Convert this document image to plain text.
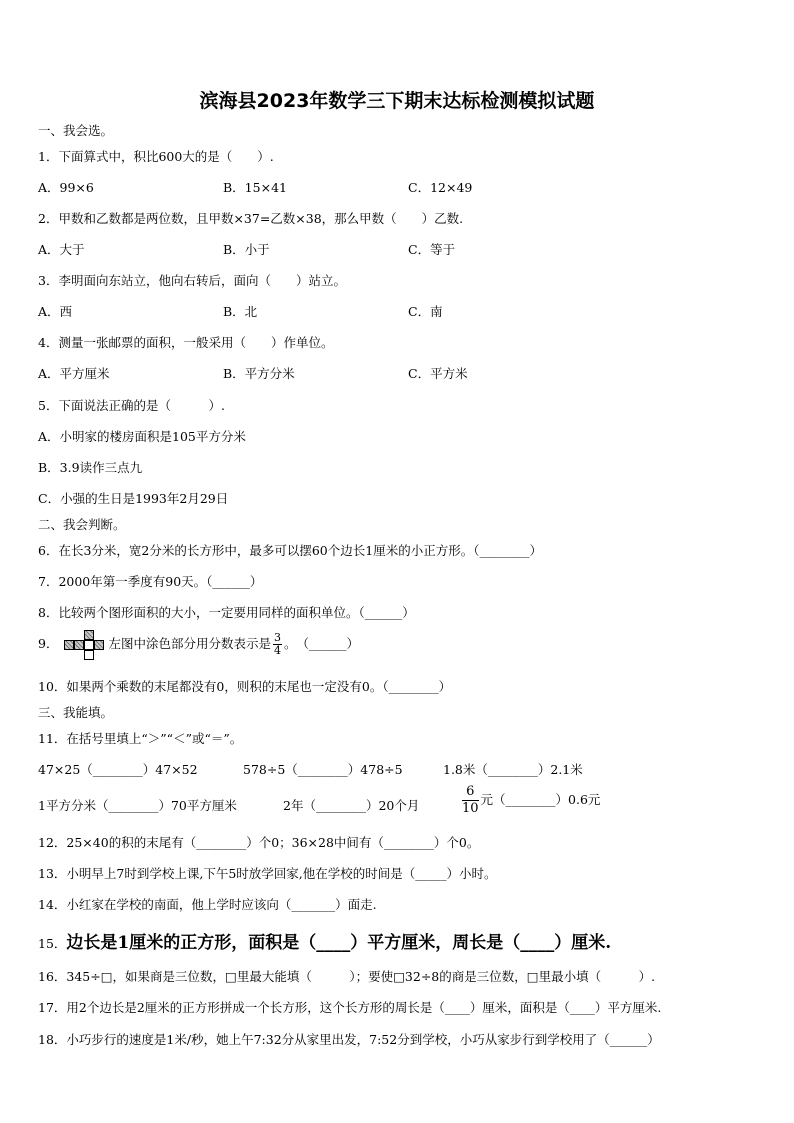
滨海县2023年数学三下期末达标检测模拟试题
一、我会选。
1．下面算式中，积比600大的是（　　）.
A．99×6	B．15×41	C．12×49
2．甲数和乙数都是两位数，且甲数×37=乙数×38，那么甲数（　　）乙数.
A．大于	B．小于	C．等于
3．李明面向东站立，他向右转后，面向（　　）站立。
A．西	B．北	C．南
4．测量一张邮票的面积，一般采用（　　）作单位。
A．平方厘米	B．平方分米	C．平方米
5．下面说法正确的是（　　　）.
A．小明家的楼房面积是105平方分米
B．3.9读作三点九
C．小强的生日是1993年2月29日
二、我会判断。
6．在长3分米，宽2分米的长方形中，最多可以摆60个边长1厘米的小正方形。（________）
7．2000年第一季度有90天。（______）
8．比较两个图形面积的大小，一定要用同样的面积单位。（______）
9．	左图中涂色部分用分数表示是 $\frac{3}{4}$ 。　（______）
10．如果两个乘数的末尾都没有0，则积的末尾也一定没有0。（________）
三、我能填。
11．在括号里填上“＞”“＜”或“＝”。
47×25（________）47×52	578÷5（________）478÷5	1.8米（________）2.1米
1平方分米（________）70平方厘米	2年（________）20个月	$\frac{6}{10}$ 元（________）0.6元
12．25×40的积的末尾有（________）个0；36×28中间有（________）个0。
13．小明早上7时到学校上课,下午5时放学回家,他在学校的时间是（_____）小时。
14．小红家在学校的南面，他上学时应该向（_______）面走.
15．边长是1厘米的正方形，面积是（____）平方厘米，周长是（____）厘米.
16．345÷□，如果商是三位数，□里最大能填（　　　）；要使□32÷8的商是三位数，□里最小填（　　　）.
17．用2个边长是2厘米的正方形拼成一个长方形，这个长方形的周长是（____）厘米，面积是（____）平方厘米.
18．小巧步行的速度是1米/秒，她上午7:32分从家里出发，7:52分到学校，小巧从家步行到学校用了（______）
